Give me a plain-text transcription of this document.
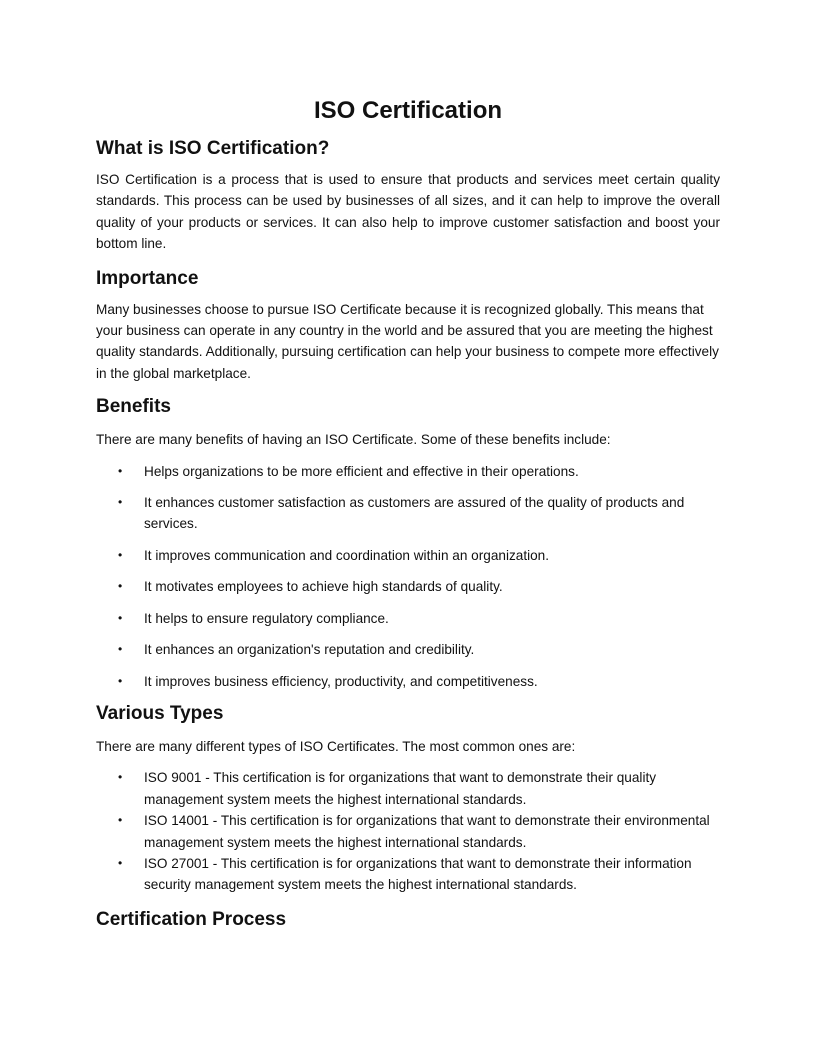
ISO Certification
What is ISO Certification?

ISO Certification is a process that is used to ensure that products and services meet certain quality standards. This process can be used by businesses of all sizes, and it can help to improve the overall quality of your products or services. It can also help to improve customer satisfaction and boost your bottom line.

Importance

Many businesses choose to pursue ISO Certificate because it is recognized globally. This means that your business can operate in any country in the world and be assured that you are meeting the highest quality standards. Additionally, pursuing certification can help your business to compete more effectively in the global marketplace.

Benefits

There are many benefits of having an ISO Certificate. Some of these benefits include:

• Helps organizations to be more efficient and effective in their operations.
• It enhances customer satisfaction as customers are assured of the quality of products and services.
• It improves communication and coordination within an organization.
• It motivates employees to achieve high standards of quality.
• It helps to ensure regulatory compliance.
• It enhances an organization's reputation and credibility.
• It improves business efficiency, productivity, and competitiveness.
Various Types

There are many different types of ISO Certificates. The most common ones are:

• ISO 9001 - This certification is for organizations that want to demonstrate their quality management system meets the highest international standards.
• ISO 14001 - This certification is for organizations that want to demonstrate their environmental management system meets the highest international standards.
• ISO 27001 - This certification is for organizations that want to demonstrate their information security management system meets the highest international standards.
Certification Process
